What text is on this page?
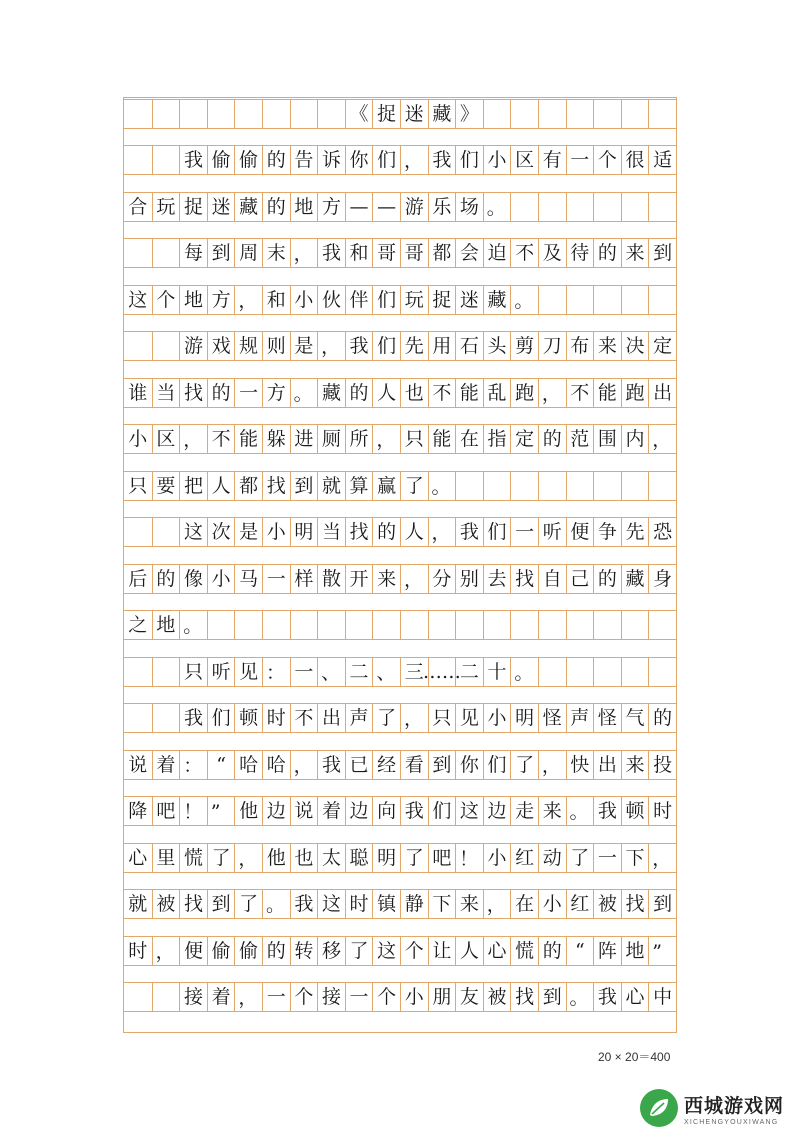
《 捉 迷 藏 》
我 偷 偷 的 告 诉 你 们 ， 我 们 小 区 有 一 个 很 适
合 玩 捉 迷 藏 的 地 方 — — 游 乐 场 。
每 到 周 末 ， 我 和 哥 哥 都 会 迫 不 及 待 的 来 到
这 个 地 方 ， 和 小 伙 伴 们 玩 捉 迷 藏 。
游 戏 规 则 是 ， 我 们 先 用 石 头 剪 刀 布 来 决 定
谁 当 找 的 一 方 。 藏 的 人 也 不 能 乱 跑 ， 不 能 跑 出
小 区 ， 不 能 躲 进 厕 所 ， 只 能 在 指 定 的 范 围 内 ，
只 要 把 人 都 找 到 就 算 赢 了 。
这 次 是 小 明 当 找 的 人 ， 我 们 一 听 便 争 先 恐
后 的 像 小 马 一 样 散 开 来 ， 分 别 去 找 自 己 的 藏 身
之 地 。
只 听 见 ： 一 、 二 、 三 …… 二 十 。
我 们 顿 时 不 出 声 了 ， 只 见 小 明 怪 声 怪 气 的
说 着 ： “ 哈 哈 ， 我 已 经 看 到 你 们 了 ， 快 出 来 投
降 吧 ！ ” 他 边 说 着 边 向 我 们 这 边 走 来 。 我 顿 时
心 里 慌 了 ， 他 也 太 聪 明 了 吧 ！ 小 红 动 了 一 下 ，
就 被 找 到 了 。 我 这 时 镇 静 下 来 ， 在 小 红 被 找 到
时 ， 便 偷 偷 的 转 移 了 这 个 让 人 心 慌 的 “ 阵 地 ”
接 着 ， 一 个 接 一 个 小 朋 友 被 找 到 。 我 心 中
20 × 20＝400
西城游戏网
XICHENGYOUXIWANG
